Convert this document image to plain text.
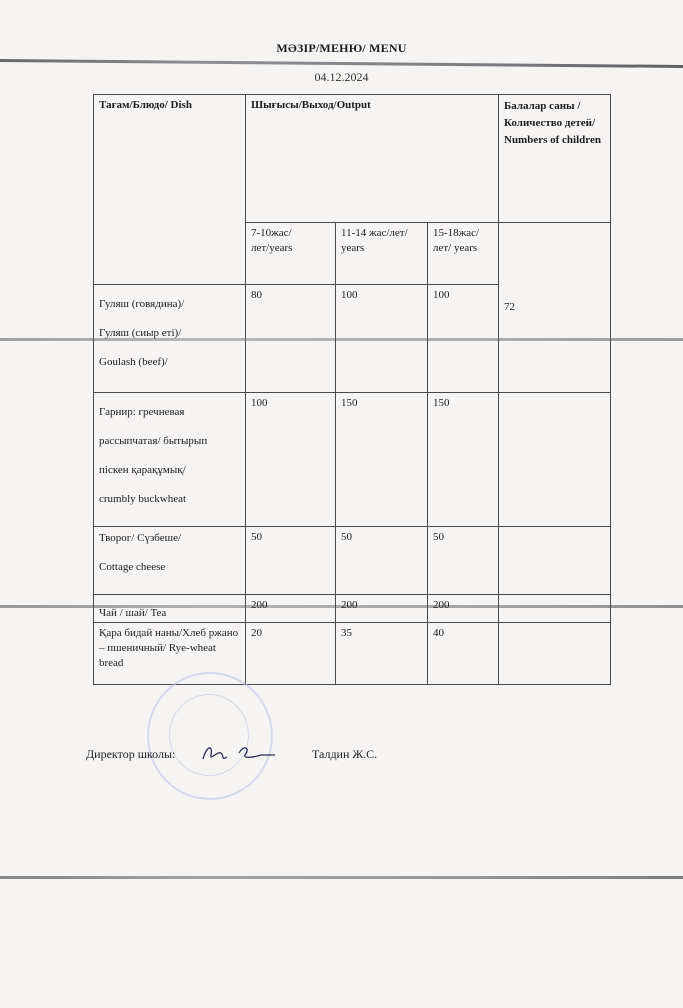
МӘЗІР/МЕНЮ/ MENU
04.12.2024
Тағам/Блюдо/ Dish	Шығысы/Выход/Output			Балалар саны /Количество детей/ Numbers of children
	7-10жас/лет/years	11-14 жас/лет/ years	15-18жас/лет/ years	72

Гуляш (говядина)/
Гуляш (сиыр еті)/
Goulash (beef)/	80	100	100	

Гарнир: гречневая
рассыпчатая/ бытырып
піскен қарақұмық/
crumbly buckwheat	100	150	150	

Творог/ Сүзбеше/
Cottage cheese	50	50	50	
Чай / шай/ Tea	200	200	200	
Қара бидай наны/Хлеб ржано – пшеничный/ Rye-wheat bread	20	35	40	
Директор школы:	Талдин Ж.С.
